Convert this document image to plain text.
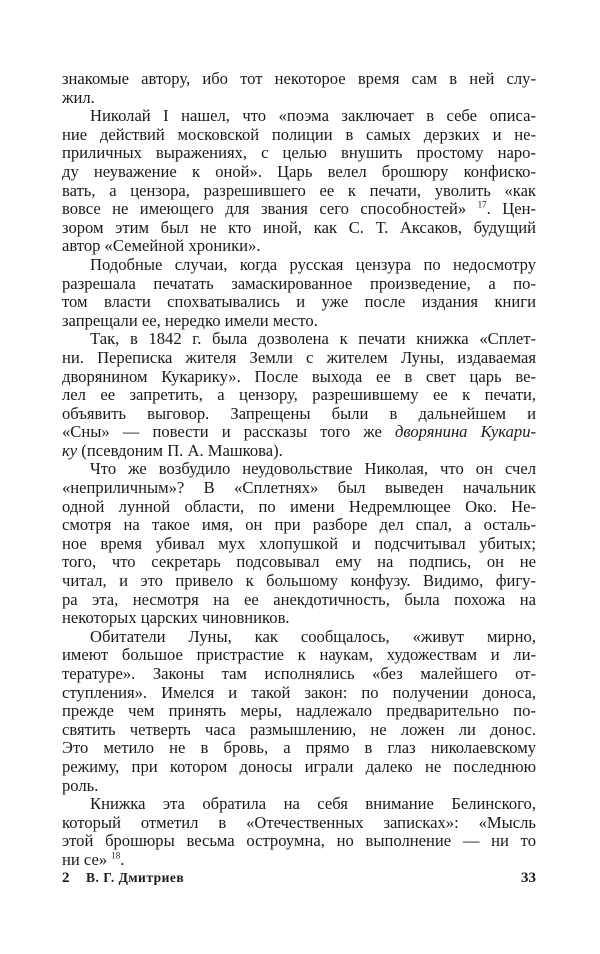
знакомые автору, ибо тот некоторое время сам в ней слу-
жил.
Николай I нашел, что «поэма заключает в себе описа-
ние действий московской полиции в самых дерзких и не-
приличных выражениях, с целью внушить простому наро-
ду неуважение к оной». Царь велел брошюру конфиско-
вать, а цензора, разрешившего ее к печати, уволить «как
вовсе не имеющего для звания сего способностей» $^{17}$. Цен-
зором этим был не кто иной, как С. Т. Аксаков, будущий
автор «Семейной хроники».
Подобные случаи, когда русская цензура по недосмотру
разрешала печатать замаскированное произведение, а по-
том власти спохватывались и уже после издания книги
запрещали ее, нередко имели место.
Так, в 1842 г. была дозволена к печати книжка «Сплет-
ни. Переписка жителя Земли с жителем Луны, издаваемая
дворянином Кукарику». После выхода ее в свет царь ве-
лел ее запретить, а цензору, разрешившему ее к печати,
объявить выговор. Запрещены были в дальнейшем и
«Сны» — повести и рассказы того же дворянина Кукари-
ку (псевдоним П. А. Машкова).
Что же возбудило неудовольствие Николая, что он счел
«неприличным»? В «Сплетнях» был выведен начальник
одной лунной области, по имени Недремлющее Око. Не-
смотря на такое имя, он при разборе дел спал, а осталь-
ное время убивал мух хлопушкой и подсчитывал убитых;
того, что секретарь подсовывал ему на подпись, он не
читал, и это привело к большому конфузу. Видимо, фигу-
ра эта, несмотря на ее анекдотичность, была похожа на
некоторых царских чиновников.
Обитатели Луны, как сообщалось, «живут мирно,
имеют большое пристрастие к наукам, художествам и ли-
тературе». Законы там исполнялись «без малейшего от-
ступления». Имелся и такой закон: по получении доноса,
прежде чем принять меры, надлежало предварительно по-
святить четверть часа размышлению, не ложен ли донос.
Это метило не в бровь, а прямо в глаз николаевскому
режиму, при котором доносы играли далеко не последнюю
роль.
Книжка эта обратила на себя внимание Белинского,
который отметил в «Отечественных записках»: «Мысль
этой брошюры весьма остроумна, но выполнение — ни то
ни се» $^{18}$.
2 В. Г. Дмитриев	33
